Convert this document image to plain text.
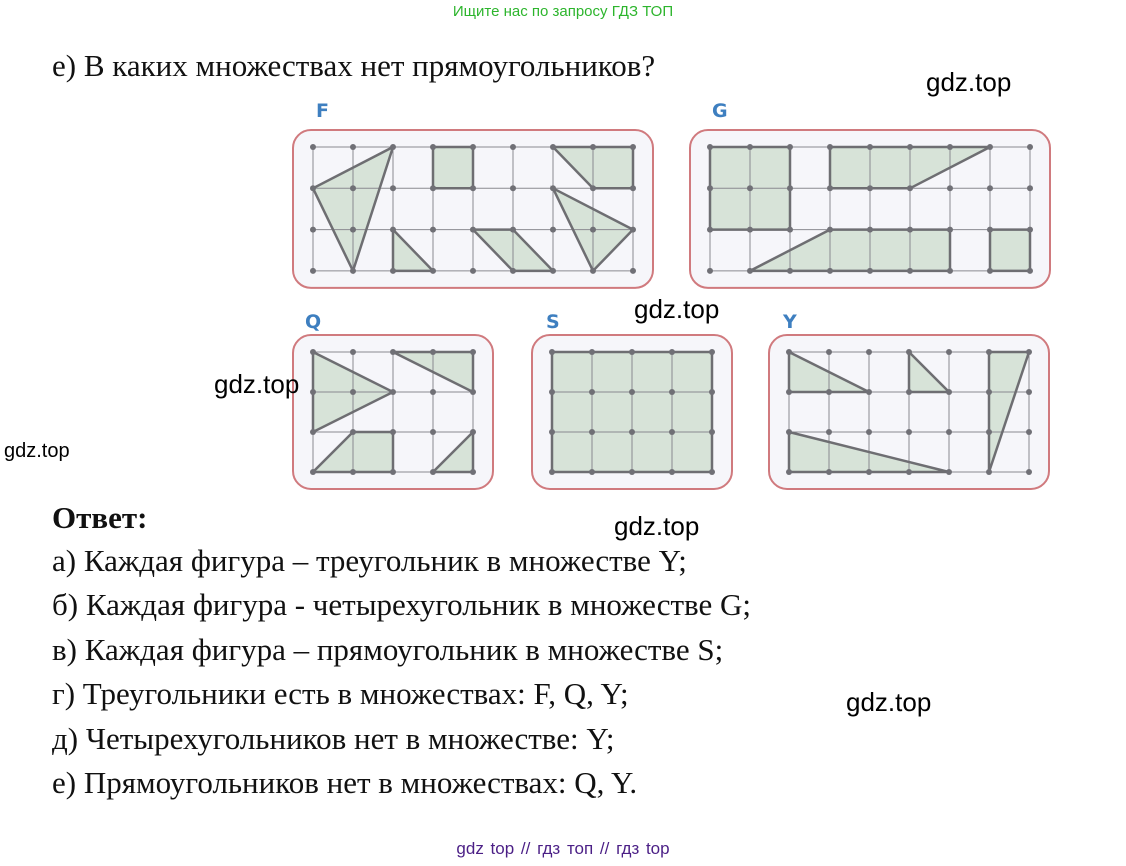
Ищите нас по запросу ГДЗ ТОП
е) В каких множествах нет прямоугольников?
F	G
Q	S	Y
gdz.top
gdz.top
gdz.top
gdz.top
gdz.top
gdz.top
Ответ:
а) Каждая фигура – треугольник в множестве Y;
б) Каждая фигура - четырехугольник в множестве G;
в) Каждая фигура – прямоугольник в множестве S;
г) Треугольники есть в множествах: F, Q, Y;
д) Четырехугольников нет в множестве: Y;
е) Прямоугольников нет в множествах: Q, Y.
gdz top // гдз топ // гдз top
